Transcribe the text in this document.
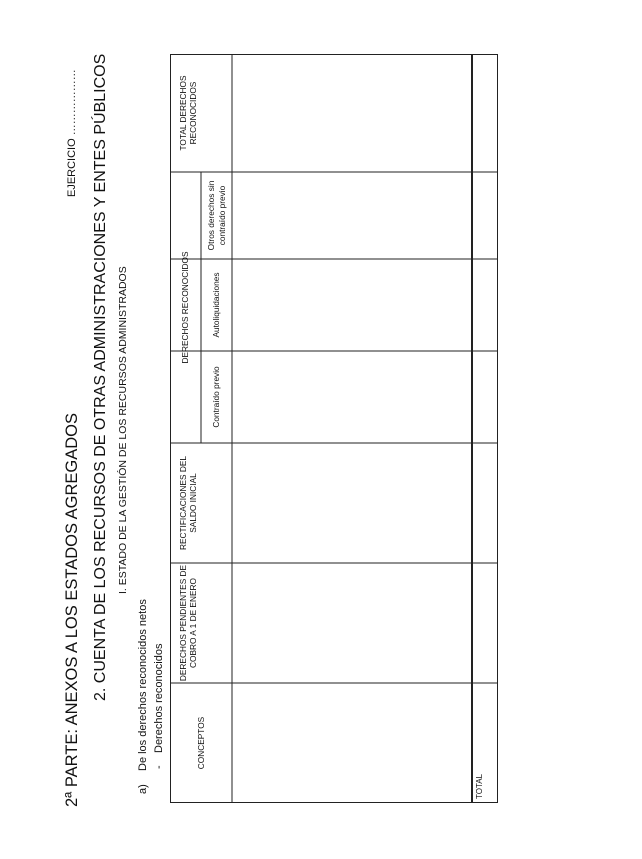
2ª PARTE: ANEXOS A LOS ESTADOS AGREGADOS
EJERCICIO ……………… 2. CUENTA DE LOS RECURSOS DE OTRAS ADMINISTRACIONES Y ENTES PÚBLICOS I. ESTADO DE LA GESTIÓN DE LOS RECURSOS ADMINISTRADOS
a)
De los derechos reconocidos netos -
Derechos reconocidos	CONCEPTOS
DERECHOS PENDIENTES DE
COBRO A 1 DE ENERO
RECTIFICACIONES DEL
SALDO INICIAL
DERECHOS RECONOCIDOS
Contraído previo
Autoliquidaciones
Otros derechos sin
contraído previo
TOTAL DERECHOS
RECONOCIDOS
TOTAL
